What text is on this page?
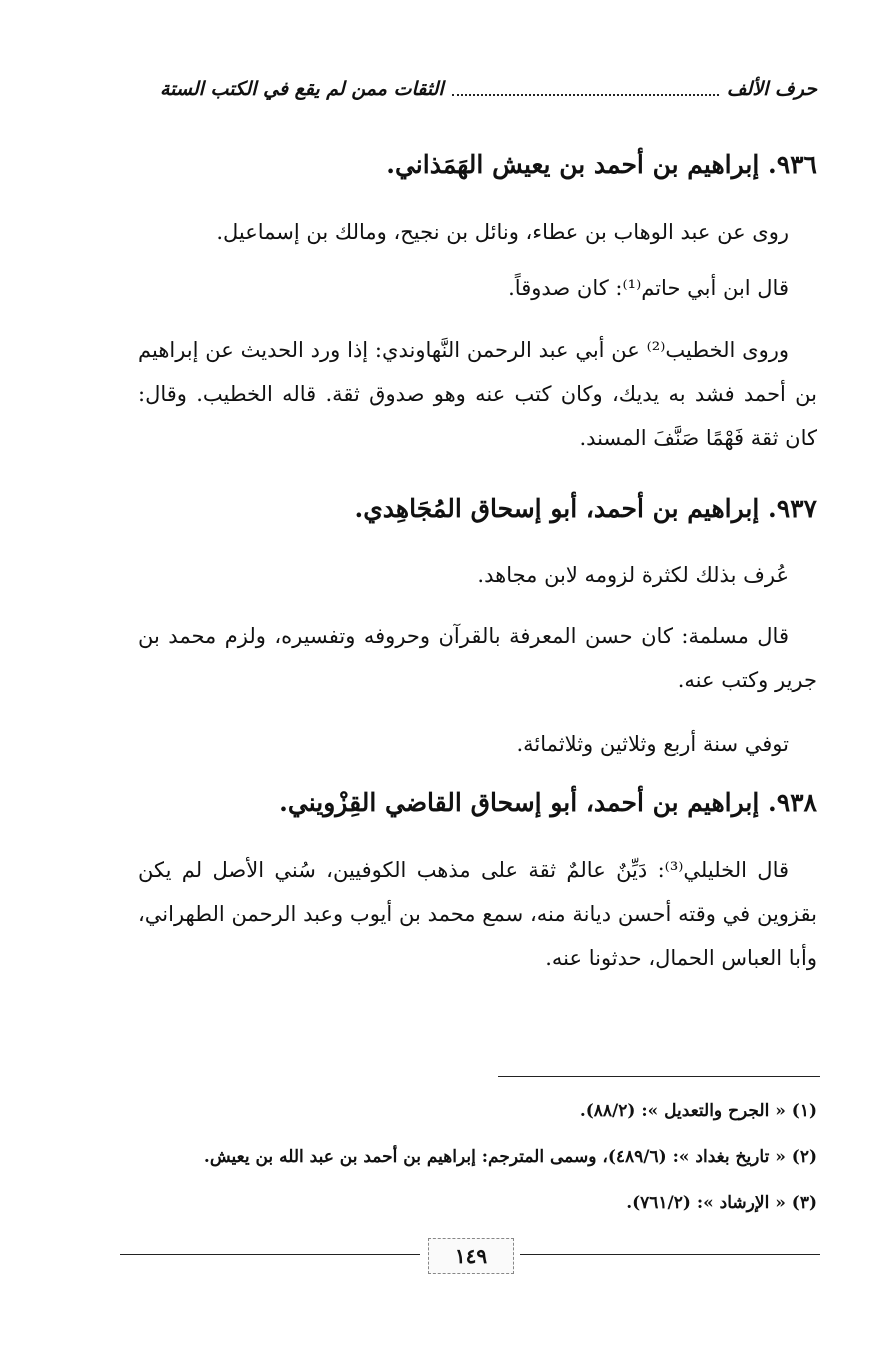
حرف الألف
الثقات ممن لم يقع في الكتب الستة
٩٣٦. إبراهيم بن أحمد بن يعيش الهَمَذاني.
روى عن عبد الوهاب بن عطاء، ونائل بن نجيح، ومالك بن إسماعيل.
قال ابن أبي حاتم⁽¹⁾: كان صدوقاً.
وروى الخطيب⁽²⁾ عن أبي عبد الرحمن النَّهاوندي: إذا ورد الحديث عن إبراهيم بن أحمد فشد به يديك، وكان كتب عنه وهو صدوق ثقة. قاله الخطيب. وقال: كان ثقة فَهْمًا صَنَّفَ المسند.
٩٣٧. إبراهيم بن أحمد، أبو إسحاق المُجَاهِدي.
عُرف بذلك لكثرة لزومه لابن مجاهد.
قال مسلمة: كان حسن المعرفة بالقرآن وحروفه وتفسيره، ولزم محمد بن جرير وكتب عنه.
توفي سنة أربع وثلاثين وثلاثمائة.
٩٣٨. إبراهيم بن أحمد، أبو إسحاق القاضي القِزْويني.
قال الخليلي⁽³⁾: دَيِّنٌ عالمٌ ثقة على مذهب الكوفيين، سُني الأصل لم يكن بقزوين في وقته أحسن ديانة منه، سمع محمد بن أيوب وعبد الرحمن الطهراني، وأبا العباس الحمال، حدثونا عنه.
(١) « الجرح والتعديل »: (٨٨/٢).
(٢) « تاريخ بغداد »: (٤٨٩/٦)، وسمى المترجم: إبراهيم بن أحمد بن عبد الله بن يعيش.
(٣) « الإرشاد »: (٧٦١/٢).
١٤٩
